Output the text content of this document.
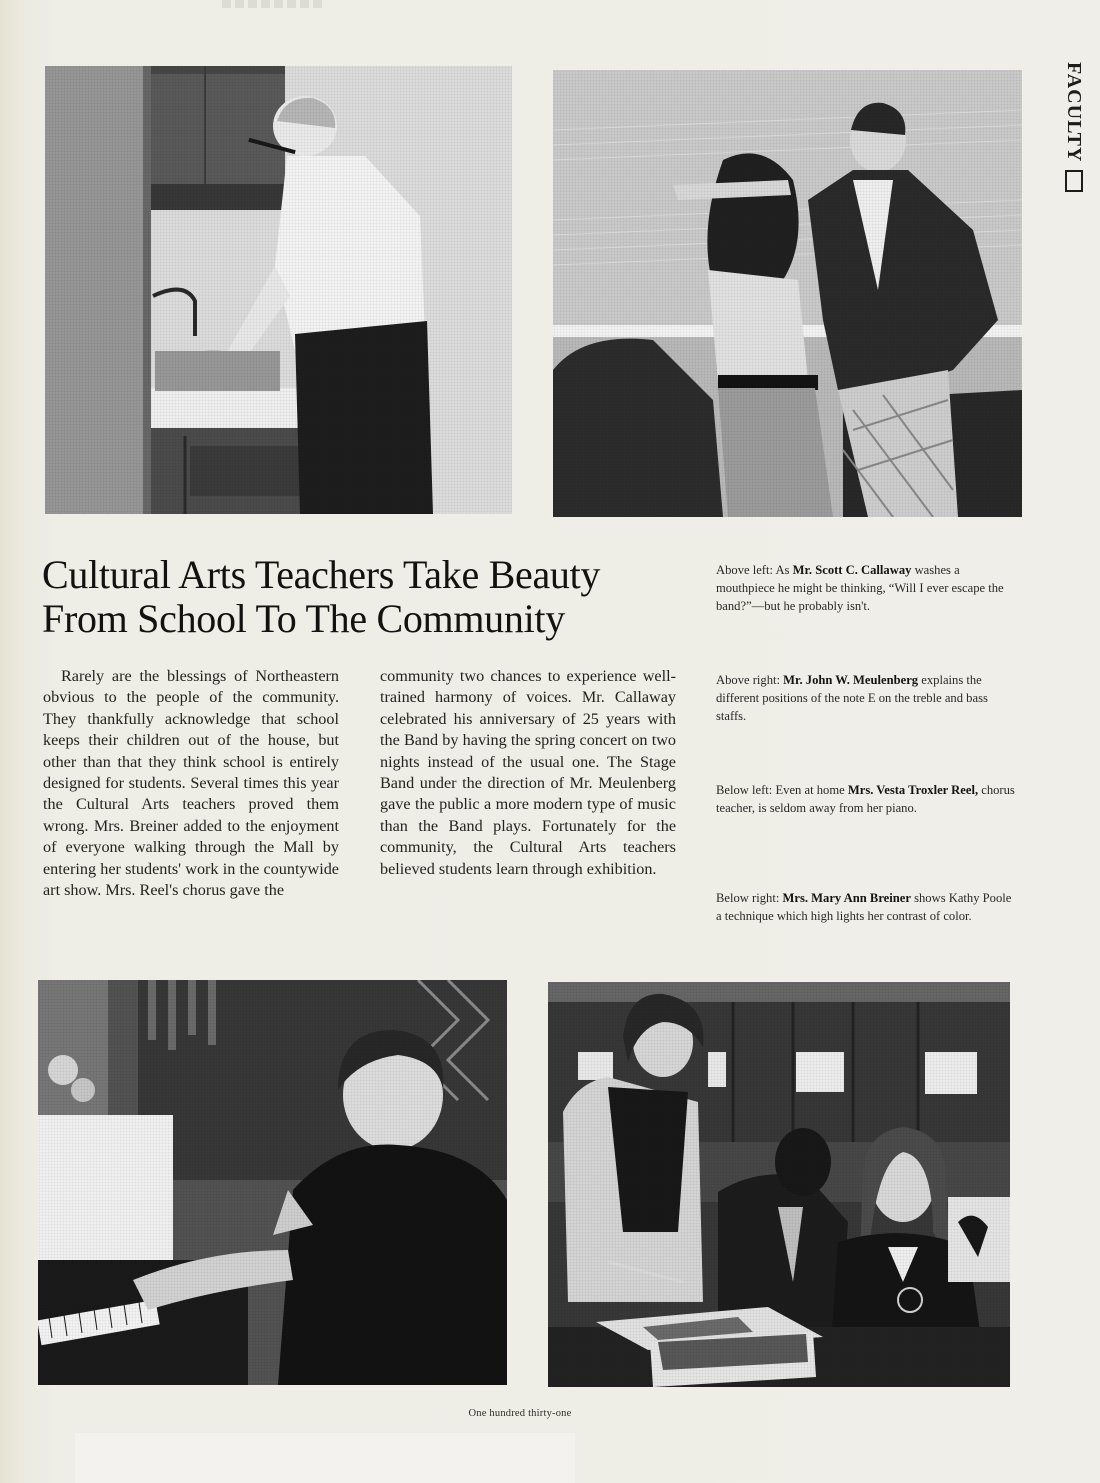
FACULTY
Cultural Arts Teachers Take Beauty
From School To The Community

Rarely are the blessings of Northeastern obvious to the people of the community. They thankfully acknowledge that school keeps their children out of the house, but other than that they think school is entirely designed for students. Several times this year the Cultural Arts teachers proved them wrong. Mrs. Breiner added to the enjoyment of everyone walking through the Mall by entering her students' work in the countywide art show. Mrs. Reel's chorus gave the

community two chances to experience well-trained harmony of voices. Mr. Callaway celebrated his anniversary of 25 years with the Band by having the spring concert on two nights instead of the usual one. The Stage Band under the direction of Mr. Meulenberg gave the public a more modern type of music than the Band plays. Fortunately for the community, the Cultural Arts teachers believed students learn through exhibition.

Above left: As Mr. Scott C. Callaway washes a mouthpiece he might be thinking, “Will I ever escape the band?”—but he probably isn't.
Above right: Mr. John W. Meulenberg explains the different positions of the note E on the treble and bass staffs.
Below left: Even at home Mrs. Vesta Troxler Reel, chorus teacher, is seldom away from her piano.
Below right: Mrs. Mary Ann Breiner shows Kathy Poole a technique which high lights her contrast of color.
One hundred thirty-one
